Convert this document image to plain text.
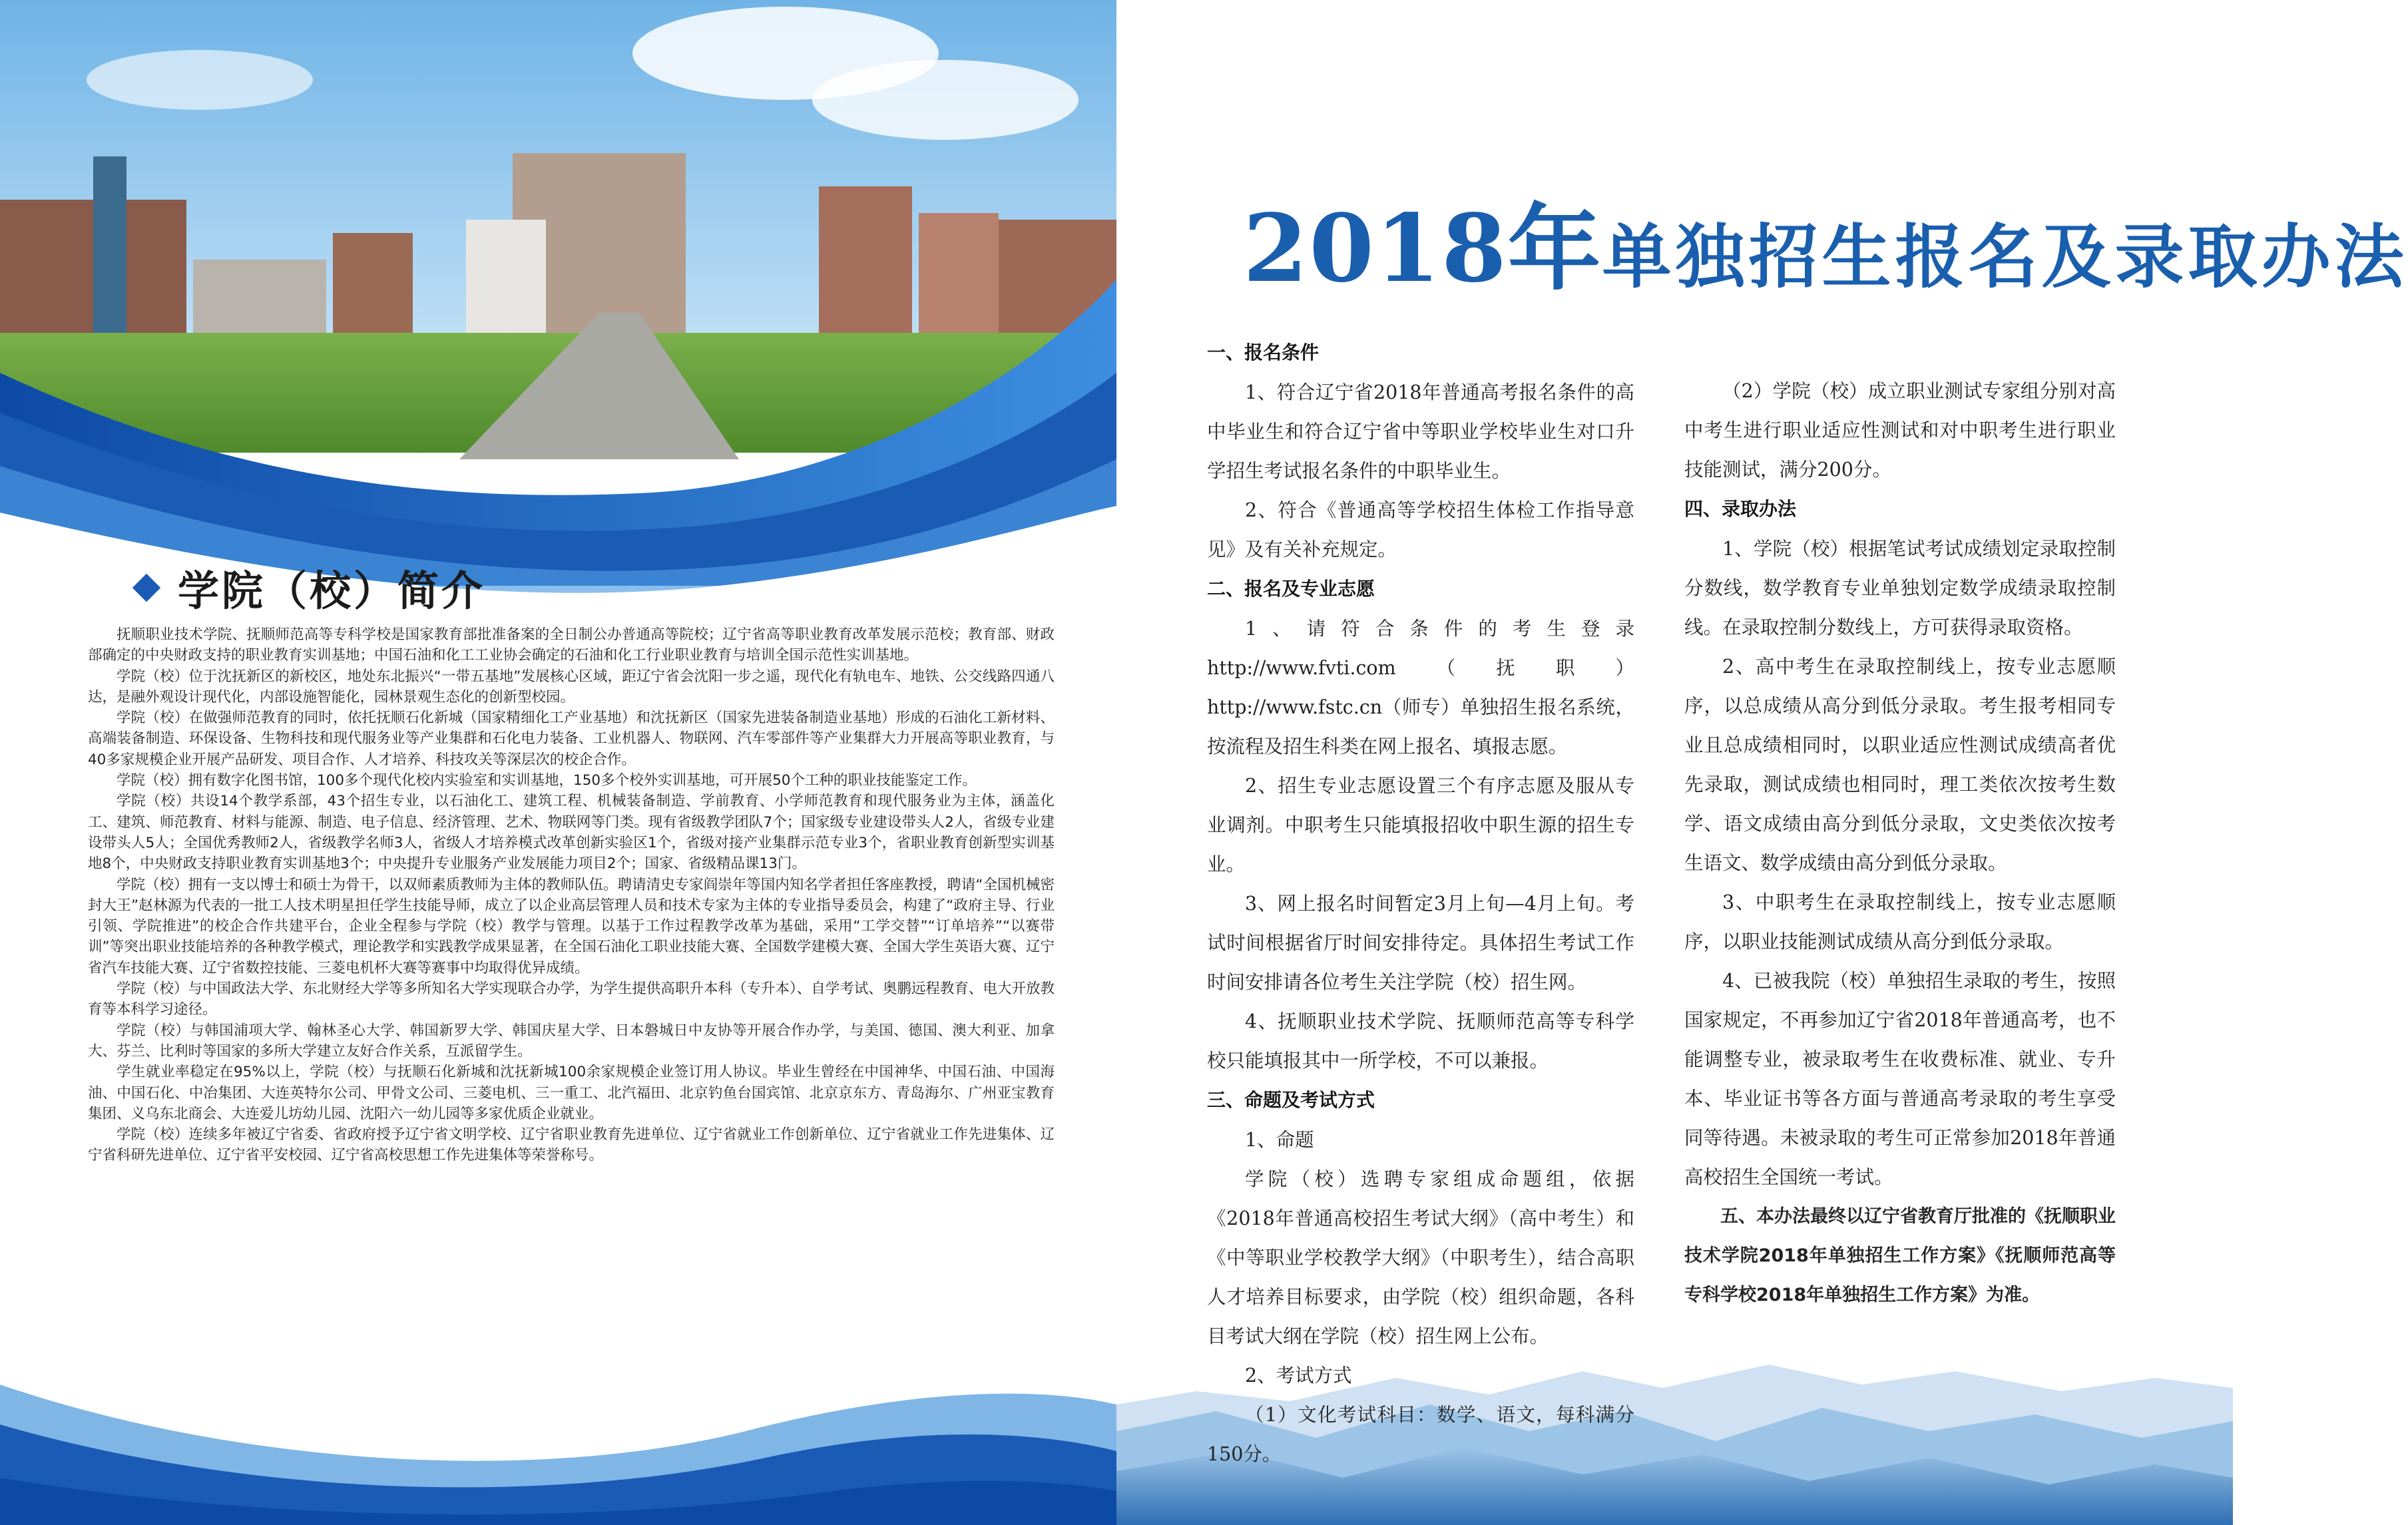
学院（校）简介

抚顺职业技术学院、抚顺师范高等专科学校是国家教育部批准备案的全日制公办普通高等院校；辽宁省高等职业教育改革发展示范校；教育部、财政部确定的中央财政支持的职业教育实训基地；中国石油和化工工业协会确定的石油和化工行业职业教育与培训全国示范性实训基地。

学院（校）位于沈抚新区的新校区，地处东北振兴“一带五基地”发展核心区域，距辽宁省会沈阳一步之遥，现代化有轨电车、地铁、公交线路四通八达，是融外观设计现代化，内部设施智能化，园林景观生态化的创新型校园。

学院（校）在做强师范教育的同时，依托抚顺石化新城（国家精细化工产业基地）和沈抚新区（国家先进装备制造业基地）形成的石油化工新材料、高端装备制造、环保设备、生物科技和现代服务业等产业集群和石化电力装备、工业机器人、物联网、汽车零部件等产业集群大力开展高等职业教育，与40多家规模企业开展产品研发、项目合作、人才培养、科技攻关等深层次的校企合作。

学院（校）拥有数字化图书馆，100多个现代化校内实验室和实训基地，150多个校外实训基地，可开展50个工种的职业技能鉴定工作。

学院（校）共设14个教学系部，43个招生专业，以石油化工、建筑工程、机械装备制造、学前教育、小学师范教育和现代服务业为主体，涵盖化工、建筑、师范教育、材料与能源、制造、电子信息、经济管理、艺术、物联网等门类。现有省级教学团队7个；国家级专业建设带头人2人，省级专业建设带头人5人；全国优秀教师2人，省级教学名师3人，省级人才培养模式改革创新实验区1个，省级对接产业集群示范专业3个，省职业教育创新型实训基地8个，中央财政支持职业教育实训基地3个；中央提升专业服务产业发展能力项目2个；国家、省级精品课13门。

学院（校）拥有一支以博士和硕士为骨干，以双师素质教师为主体的教师队伍。聘请清史专家阎崇年等国内知名学者担任客座教授，聘请“全国机械密封大王”赵林源为代表的一批工人技术明星担任学生技能导师，成立了以企业高层管理人员和技术专家为主体的专业指导委员会，构建了“政府主导、行业引领、学院推进”的校企合作共建平台，企业全程参与学院（校）教学与管理。以基于工作过程教学改革为基础，采用“工学交替”“订单培养”“以赛带训”等突出职业技能培养的各种教学模式，理论教学和实践教学成果显著，在全国石油化工职业技能大赛、全国数学建模大赛、全国大学生英语大赛、辽宁省汽车技能大赛、辽宁省数控技能、三菱电机杯大赛等赛事中均取得优异成绩。

学院（校）与中国政法大学、东北财经大学等多所知名大学实现联合办学，为学生提供高职升本科（专升本）、自学考试、奥鹏远程教育、电大开放教育等本科学习途径。

学院（校）与韩国浦项大学、翰林圣心大学、韩国新罗大学、韩国庆星大学、日本磐城日中友协等开展合作办学，与美国、德国、澳大利亚、加拿大、芬兰、比利时等国家的多所大学建立友好合作关系，互派留学生。

学生就业率稳定在95%以上，学院（校）与抚顺石化新城和沈抚新城100余家规模企业签订用人协议。毕业生曾经在中国神华、中国石油、中国海油、中国石化、中冶集团、大连英特尔公司、甲骨文公司、三菱电机、三一重工、北汽福田、北京钓鱼台国宾馆、北京京东方、青岛海尔、广州亚宝教育集团、义乌东北商会、大连爱儿坊幼儿园、沈阳六一幼儿园等多家优质企业就业。

学院（校）连续多年被辽宁省委、省政府授予辽宁省文明学校、辽宁省职业教育先进单位、辽宁省就业工作创新单位、辽宁省就业工作先进集体、辽宁省科研先进单位、辽宁省平安校园、辽宁省高校思想工作先进集体等荣誉称号。

2018年单独招生报名及录取办法
一、报名条件

1、符合辽宁省2018年普通高考报名条件的高中毕业生和符合辽宁省中等职业学校毕业生对口升学招生考试报名条件的中职毕业生。

2、符合《普通高等学校招生体检工作指导意见》及有关补充规定。

二、报名及专业志愿

1、请符合条件的考生登录http://www.fvti.com（抚职）http://www.fstc.cn（师专）单独招生报名系统，按流程及招生科类在网上报名、填报志愿。

2、招生专业志愿设置三个有序志愿及服从专业调剂。中职考生只能填报招收中职生源的招生专业。

3、网上报名时间暂定3月上旬—4月上旬。考试时间根据省厅时间安排待定。具体招生考试工作时间安排请各位考生关注学院（校）招生网。

4、抚顺职业技术学院、抚顺师范高等专科学校只能填报其中一所学校，不可以兼报。

三、命题及考试方式

1、命题

学院（校）选聘专家组成命题组，依据《2018年普通高校招生考试大纲》（高中考生）和《中等职业学校教学大纲》（中职考生），结合高职人才培养目标要求，由学院（校）组织命题，各科目考试大纲在学院（校）招生网上公布。

2、考试方式

（1）文化考试科目：数学、语文，每科满分150分。

（2）学院（校）成立职业测试专家组分别对高中考生进行职业适应性测试和对中职考生进行职业技能测试，满分200分。

四、录取办法

1、学院（校）根据笔试考试成绩划定录取控制分数线，数学教育专业单独划定数学成绩录取控制线。在录取控制分数线上，方可获得录取资格。

2、高中考生在录取控制线上，按专业志愿顺序，以总成绩从高分到低分录取。考生报考相同专业且总成绩相同时，以职业适应性测试成绩高者优先录取，测试成绩也相同时，理工类依次按考生数学、语文成绩由高分到低分录取，文史类依次按考生语文、数学成绩由高分到低分录取。

3、中职考生在录取控制线上，按专业志愿顺序，以职业技能测试成绩从高分到低分录取。

4、已被我院（校）单独招生录取的考生，按照国家规定，不再参加辽宁省2018年普通高考，也不能调整专业，被录取考生在收费标准、就业、专升本、毕业证书等各方面与普通高考录取的考生享受同等待遇。未被录取的考生可正常参加2018年普通高校招生全国统一考试。

五、本办法最终以辽宁省教育厅批准的《抚顺职业技术学院2018年单独招生工作方案》《抚顺师范高等专科学校2018年单独招生工作方案》为准。
